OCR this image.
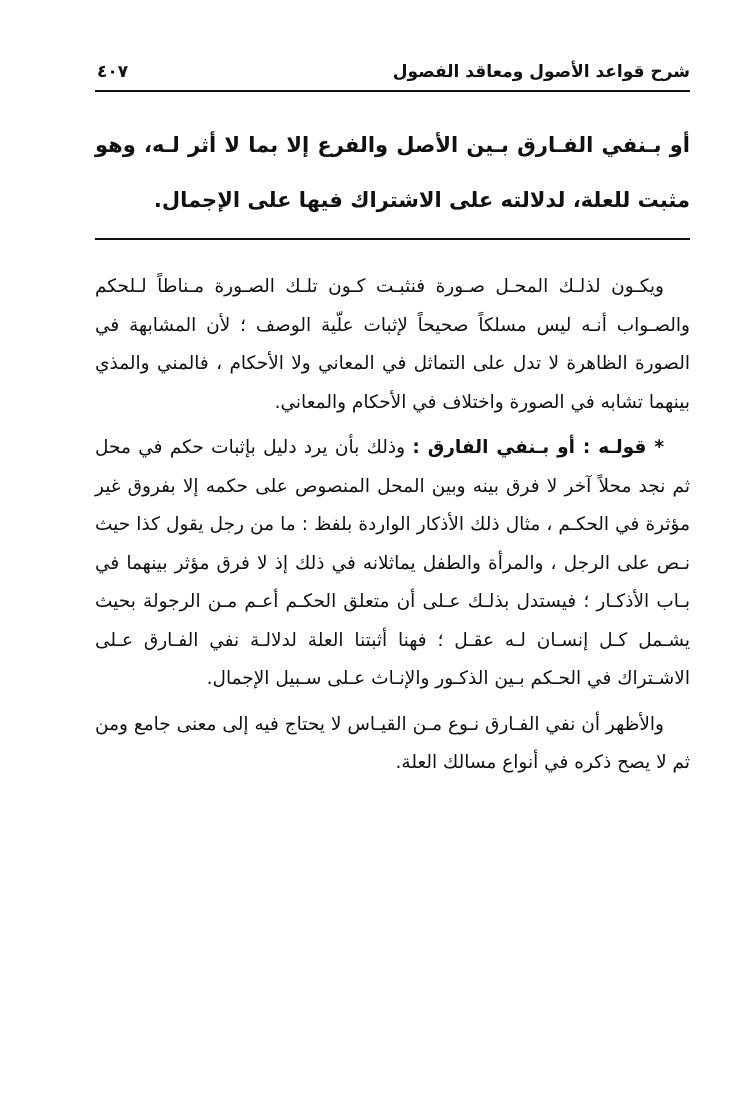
شرح قواعد الأصول ومعاقد الفصول
٤٠٧
أو بـنفي الفـارق بـين الأصل والفرع إلا بما لا أثر لـه، وهو مثبت للعلة، لدلالته على الاشتراك فيها على الإجمال.

ويكـون لذلـك المحـل صـورة فنثبـت كـون تلـك الصـورة مـناطاً لـلحكم والصـواب أنـه ليس مسلكاً صحيحاً لإثبات علّية الوصف ؛ لأن المشابهة في الصورة الظاهرة لا تدل على التماثل في المعاني ولا الأحكام ، فالمني والمذي بينهما تشابه في الصورة واختلاف في الأحكام والمعاني.

* قولـه : أو بـنفي الفارق : وذلك بأن يرد دليل بإثبات حكم في محل ثم نجد محلاً آخر لا فرق بينه وبين المحل المنصوص على حكمه إلا بفروق غير مؤثرة في الحكـم ، مثال ذلك الأذكار الواردة بلفظ : ما من رجل يقول كذا حيث نـص على الرجل ، والمرأة والطفل يماثلانه في ذلك إذ لا فرق مؤثر بينهما في بـاب الأذكـار ؛ فيستدل بذلـك عـلى أن متعلق الحكـم أعـم مـن الرجولة بحيث يشـمل كـل إنسـان لـه عقـل ؛ فهنا أثبتنا العلة لدلالـة نفي الفـارق عـلى الاشـتراك في الحـكم بـين الذكـور والإنـاث عـلى سـبيل الإجمال.

والأظهر أن نفي الفـارق نـوع مـن القيـاس لا يحتاج فيه إلى معنى جامع ومن ثم لا يصح ذكره في أنواع مسالك العلة.
